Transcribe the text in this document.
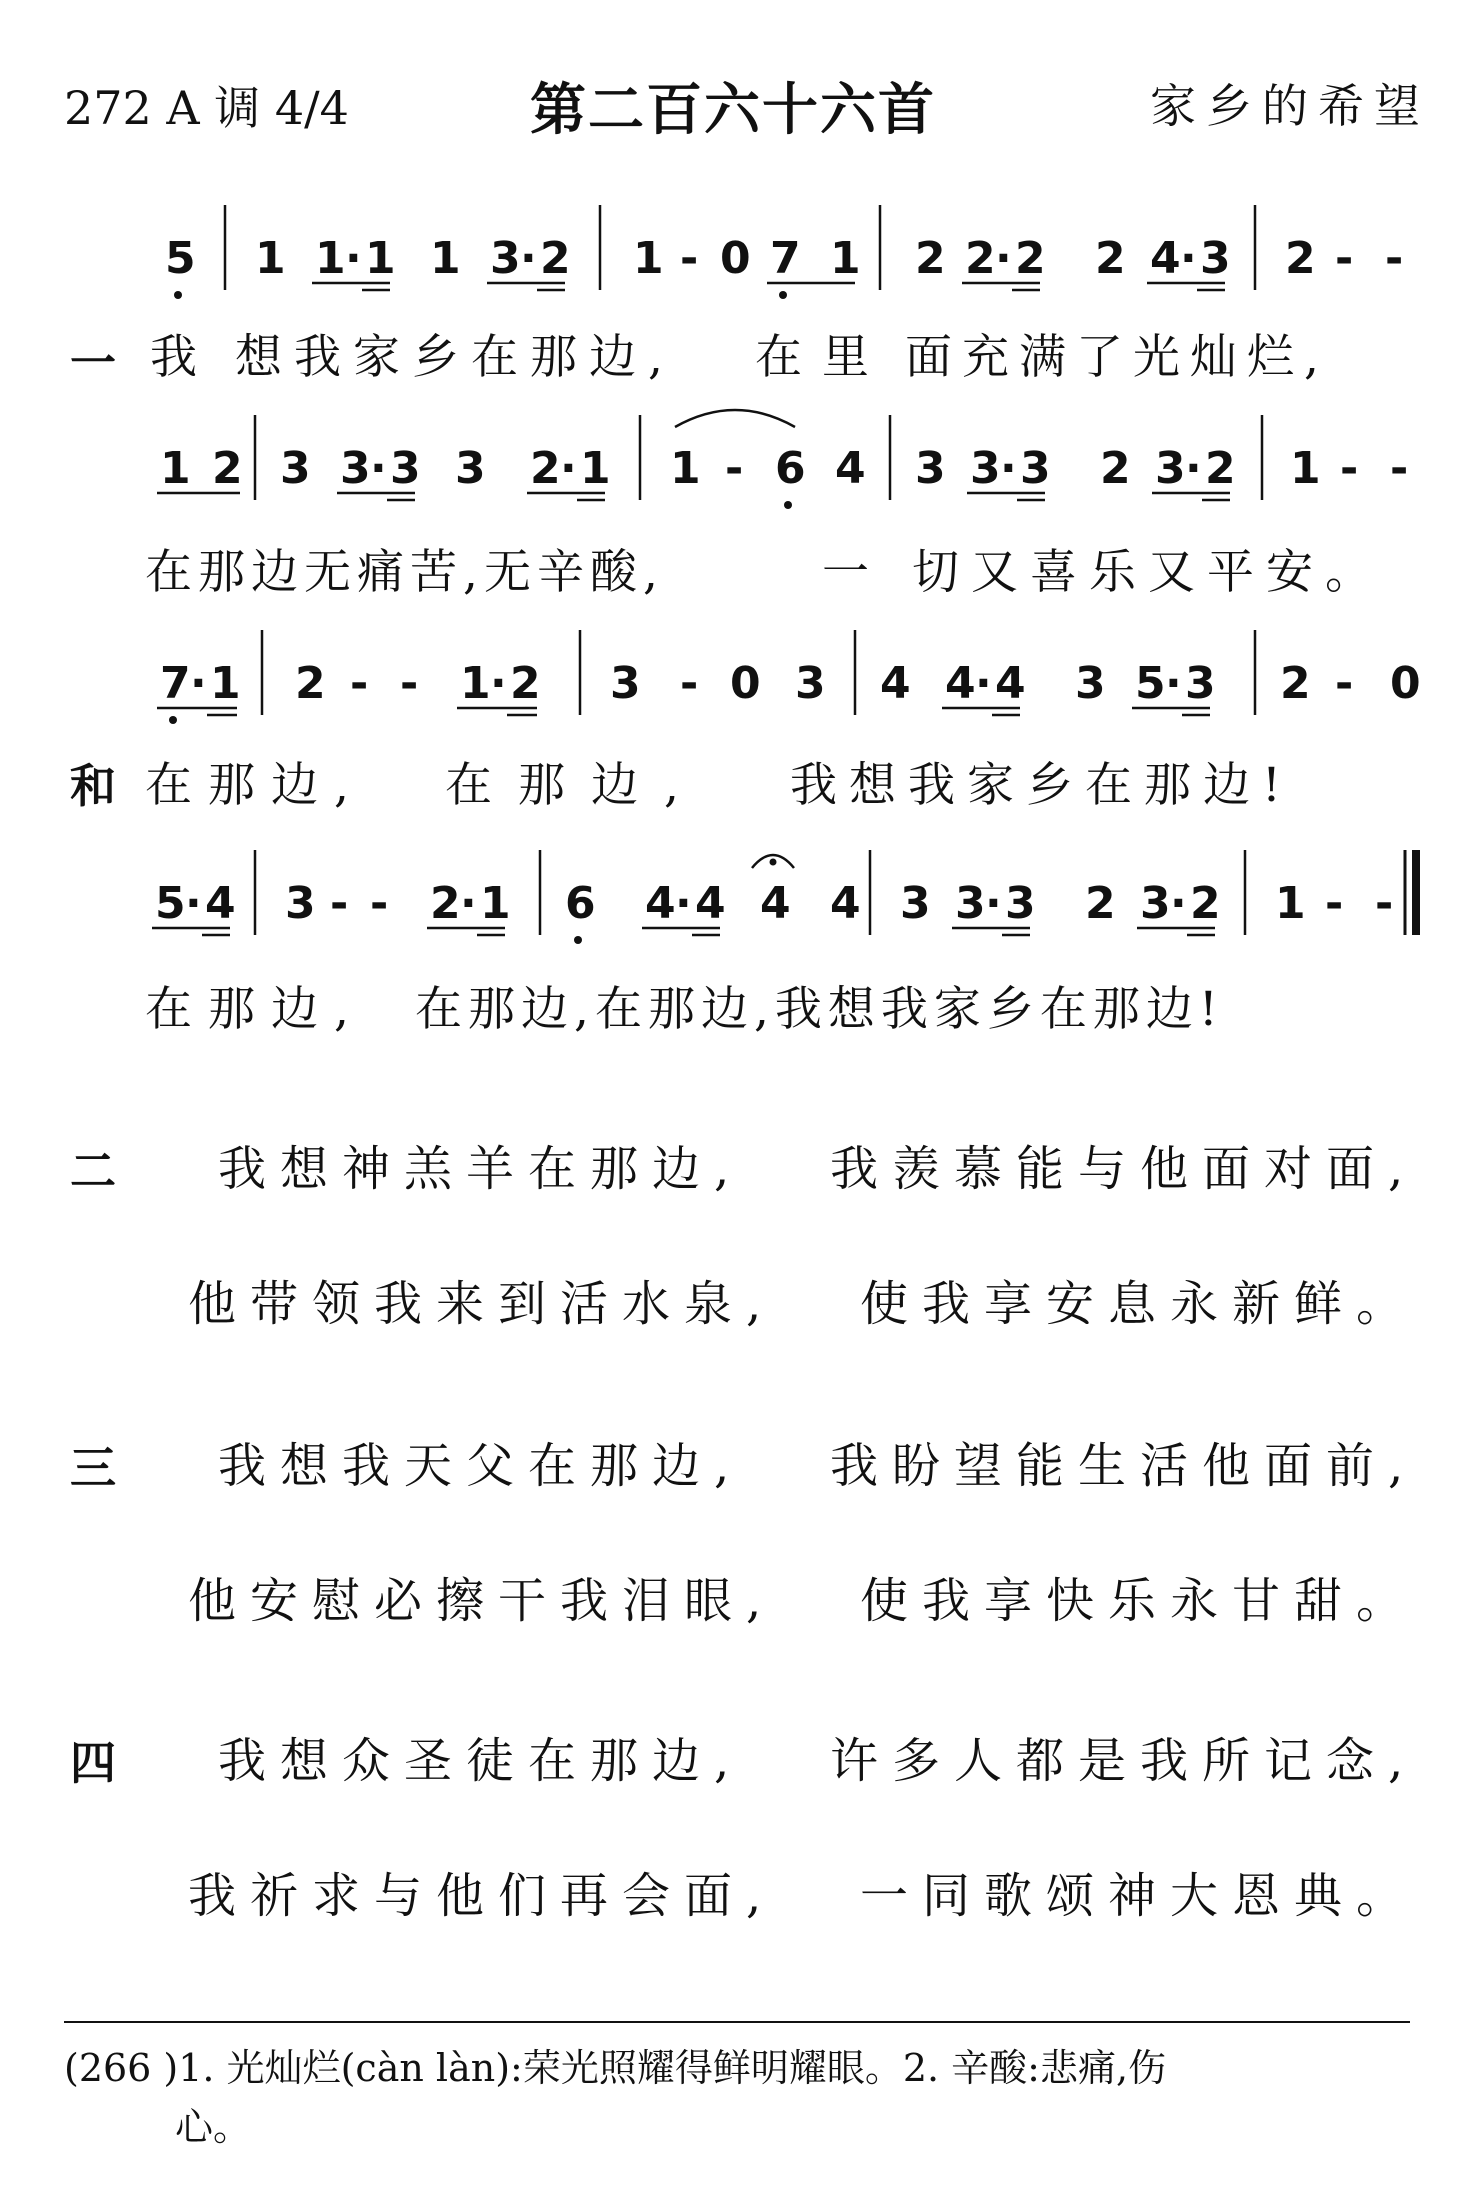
272 A 调 4/4	第二百六十六首	家乡的希望
5 1 1 · 1 1 3 · 2 1 - 0 7 1 2 2 · 2 2 4 · 3 2 - -
一 我 想我家乡在那边, 在里 面充满了光灿烂,
1 2 3 3 · 3 3 2 · 1 1 - 6 4 3 3 · 3 2 3 · 2 1 - -
在那边无痛苦,无辛酸,	一 切又喜乐又平安。
7 · 1 2 - - 1 · 2 3 - 0 3 4 4 · 4 3 5 · 3 2 - 0
和 在那边, 在那边, 我想我家乡在那边!
5 · 4 3 - - 2 · 1 6 4 · 4 4 4 3 3 · 3 2 3 · 2 1 - -
在那边, 在那边,在那边,我想我家乡在那边!
二 我想神羔羊在那边, 我羡慕能与他面对面,
他带领我来到活水泉, 使我享安息永新鲜。
三 我想我天父在那边, 我盼望能生活他面前,
他安慰必擦干我泪眼, 使我享快乐永甘甜。
四 我想众圣徒在那边, 许多人都是我所记念,
我祈求与他们再会面, 一同歌颂神大恩典。
(266 )1. 光灿烂(càn làn):荣光照耀得鲜明耀眼。2. 辛酸:悲痛,伤
心。
